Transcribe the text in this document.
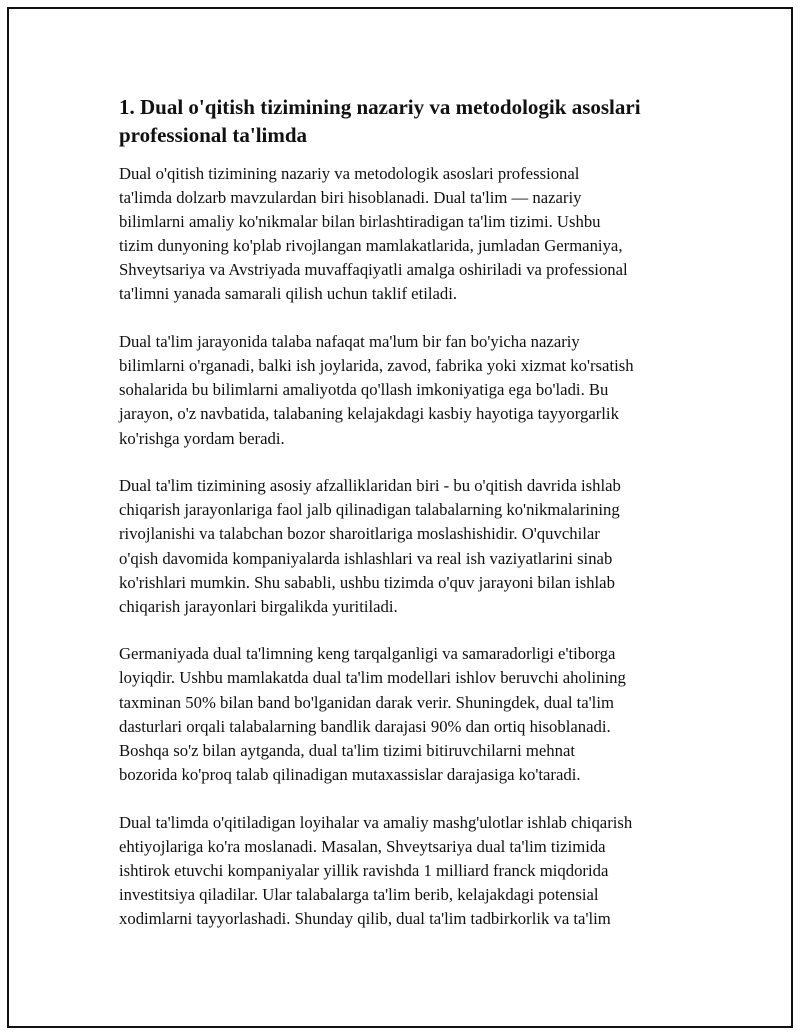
1. Dual o'qitish tizimining nazariy va metodologik asoslari
professional ta'limda

Dual o'qitish tizimining nazariy va metodologik asoslari professional
ta'limda dolzarb mavzulardan biri hisoblanadi. Dual ta'lim — nazariy
bilimlarni amaliy ko'nikmalar bilan birlashtiradigan ta'lim tizimi. Ushbu
tizim dunyoning ko'plab rivojlangan mamlakatlarida, jumladan Germaniya,
Shveytsariya va Avstriyada muvaffaqiyatli amalga oshiriladi va professional
ta'limni yanada samarali qilish uchun taklif etiladi.

Dual ta'lim jarayonida talaba nafaqat ma'lum bir fan bo'yicha nazariy
bilimlarni o'rganadi, balki ish joylarida, zavod, fabrika yoki xizmat ko'rsatish
sohalarida bu bilimlarni amaliyotda qo'llash imkoniyatiga ega bo'ladi. Bu
jarayon, o'z navbatida, talabaning kelajakdagi kasbiy hayotiga tayyorgarlik
ko'rishga yordam beradi.

Dual ta'lim tizimining asosiy afzalliklaridan biri - bu o'qitish davrida ishlab
chiqarish jarayonlariga faol jalb qilinadigan talabalarning ko'nikmalarining
rivojlanishi va talabchan bozor sharoitlariga moslashishidir. O'quvchilar
o'qish davomida kompaniyalarda ishlashlari va real ish vaziyatlarini sinab
ko'rishlari mumkin. Shu sababli, ushbu tizimda o'quv jarayoni bilan ishlab
chiqarish jarayonlari birgalikda yuritiladi.

Germaniyada dual ta'limning keng tarqalganligi va samaradorligi e'tiborga
loyiqdir. Ushbu mamlakatda dual ta'lim modellari ishlov beruvchi aholining
taxminan 50% bilan band bo'lganidan darak verir. Shuningdek, dual ta'lim
dasturlari orqali talabalarning bandlik darajasi 90% dan ortiq hisoblanadi.
Boshqa so'z bilan aytganda, dual ta'lim tizimi bitiruvchilarni mehnat
bozorida ko'proq talab qilinadigan mutaxassislar darajasiga ko'taradi.

Dual ta'limda o'qitiladigan loyihalar va amaliy mashg'ulotlar ishlab chiqarish
ehtiyojlariga ko'ra moslanadi. Masalan, Shveytsariya dual ta'lim tizimida
ishtirok etuvchi kompaniyalar yillik ravishda 1 milliard franck miqdorida
investitsiya qiladilar. Ular talabalarga ta'lim berib, kelajakdagi potensial
xodimlarni tayyorlashadi. Shunday qilib, dual ta'lim tadbirkorlik va ta'lim
